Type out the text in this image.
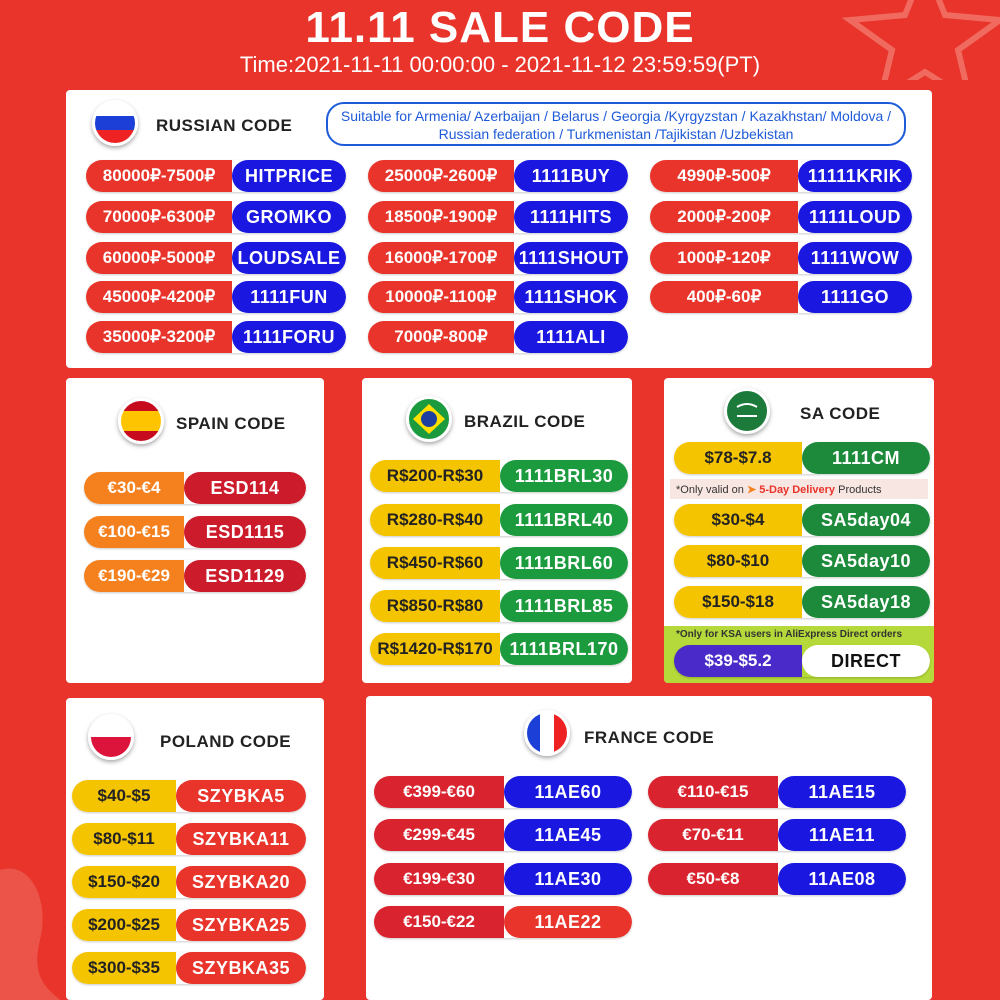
11.11 SALE CODE
Time:2021-11-11 00:00:00 - 2021-11-12 23:59:59(PT)
RUSSIAN CODE	Suitable for Armenia/ Azerbaijan / Belarus / Georgia /Kyrgyzstan / Kazakhstan/ Moldova / Russian federation / Turkmenistan /Tajikistan /Uzbekistan
80000₽-7500₽	HITPRICE
70000₽-6300₽	GROMKO
60000₽-5000₽	LOUDSALE
45000₽-4200₽	1111FUN
35000₽-3200₽	1111FORU
25000₽-2600₽	1111BUY
18500₽-1900₽	1111HITS
16000₽-1700₽	1111SHOUT
10000₽-1100₽	1111SHOK
7000₽-800₽	1111ALI
4990₽-500₽	11111KRIK
2000₽-200₽	1111LOUD
1000₽-120₽	1111WOW
400₽-60₽	1111GO
SPAIN CODE
€30-€4	ESD114
€100-€15	ESD1115
€190-€29	ESD1129
BRAZIL CODE
R$200-R$30	1111BRL30
R$280-R$40	1111BRL40
R$450-R$60	1111BRL60
R$850-R$80	1111BRL85
R$1420-R$170 1111BRL170
SA CODE
$78-$7.8	1111CM
*Only valid on ➤ 5-Day Delivery Products
$30-$4	SA5day04
$80-$10	SA5day10
$150-$18	SA5day18
*Only for KSA users in AliExpress Direct orders
$39-$5.2	DIRECT
POLAND CODE
$40-$5	SZYBKA5
$80-$11	SZYBKA11
$150-$20	SZYBKA20
$200-$25	SZYBKA25
$300-$35	SZYBKA35
FRANCE CODE
€399-€60	11AE60
€299-€45	11AE45
€199-€30	11AE30
€150-€22	11AE22
€110-€15	11AE15
€70-€11	11AE11
€50-€8	11AE08
